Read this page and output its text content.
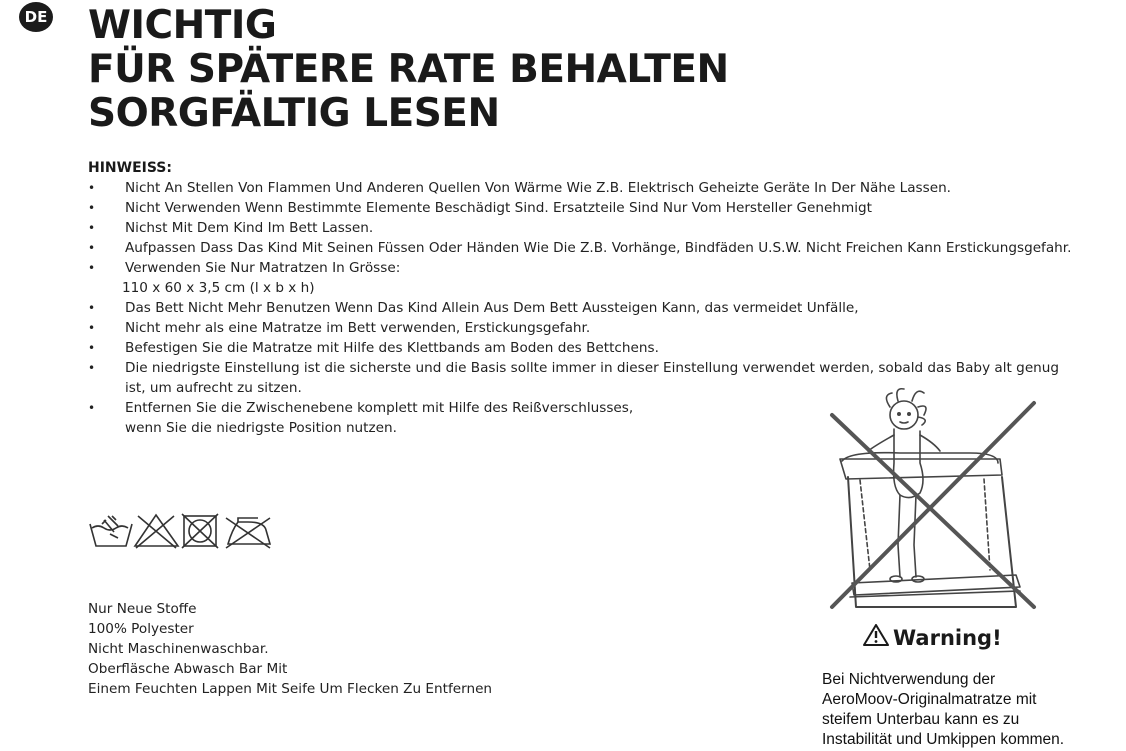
DE WICHTIG
FÜR SPÄTERE RATE BEHALTEN
SORGFÄLTIG LESEN
HINWEISS:
• Nicht An Stellen Von Flammen Und Anderen Quellen Von Wärme Wie Z.B. Elektrisch Geheizte Geräte In Der Nähe Lassen.
• Nicht Verwenden Wenn Bestimmte Elemente Beschädigt Sind. Ersatzteile Sind Nur Vom Hersteller Genehmigt
• Nichst Mit Dem Kind Im Bett Lassen.
• Aufpassen Dass Das Kind Mit Seinen Füssen Oder Händen Wie Die Z.B. Vorhänge, Bindfäden U.S.W. Nicht Freichen Kann Erstickungsgefahr.
• Verwenden Sie Nur Matratzen In Grösse:
110 x 60 x 3,5 cm (l x b x h)
• Das Bett Nicht Mehr Benutzen Wenn Das Kind Allein Aus Dem Bett Aussteigen Kann, das vermeidet Unfälle,
• Nicht mehr als eine Matratze im Bett verwenden, Erstickungsgefahr.
• Befestigen Sie die Matratze mit Hilfe des Klettbands am Boden des Bettchens.
• Die niedrigste Einstellung ist die sicherste und die Basis sollte immer in dieser Einstellung verwendet werden, sobald das Baby alt genug
ist, um aufrecht zu sitzen.
• Entfernen Sie die Zwischenebene komplett mit Hilfe des Reißverschlusses,
wenn Sie die niedrigste Position nutzen.
Nur Neue Stoffe
100% Polyester
Nicht Maschinenwaschbar.
Oberfläsche Abwasch Bar Mit
Einem Feuchten Lappen Mit Seife Um Flecken Zu Entfernen
Warning!
Bei Nichtverwendung der
AeroMoov-Originalmatratze mit
steifem Unterbau kann es zu
Instabilität und Umkippen kommen.
